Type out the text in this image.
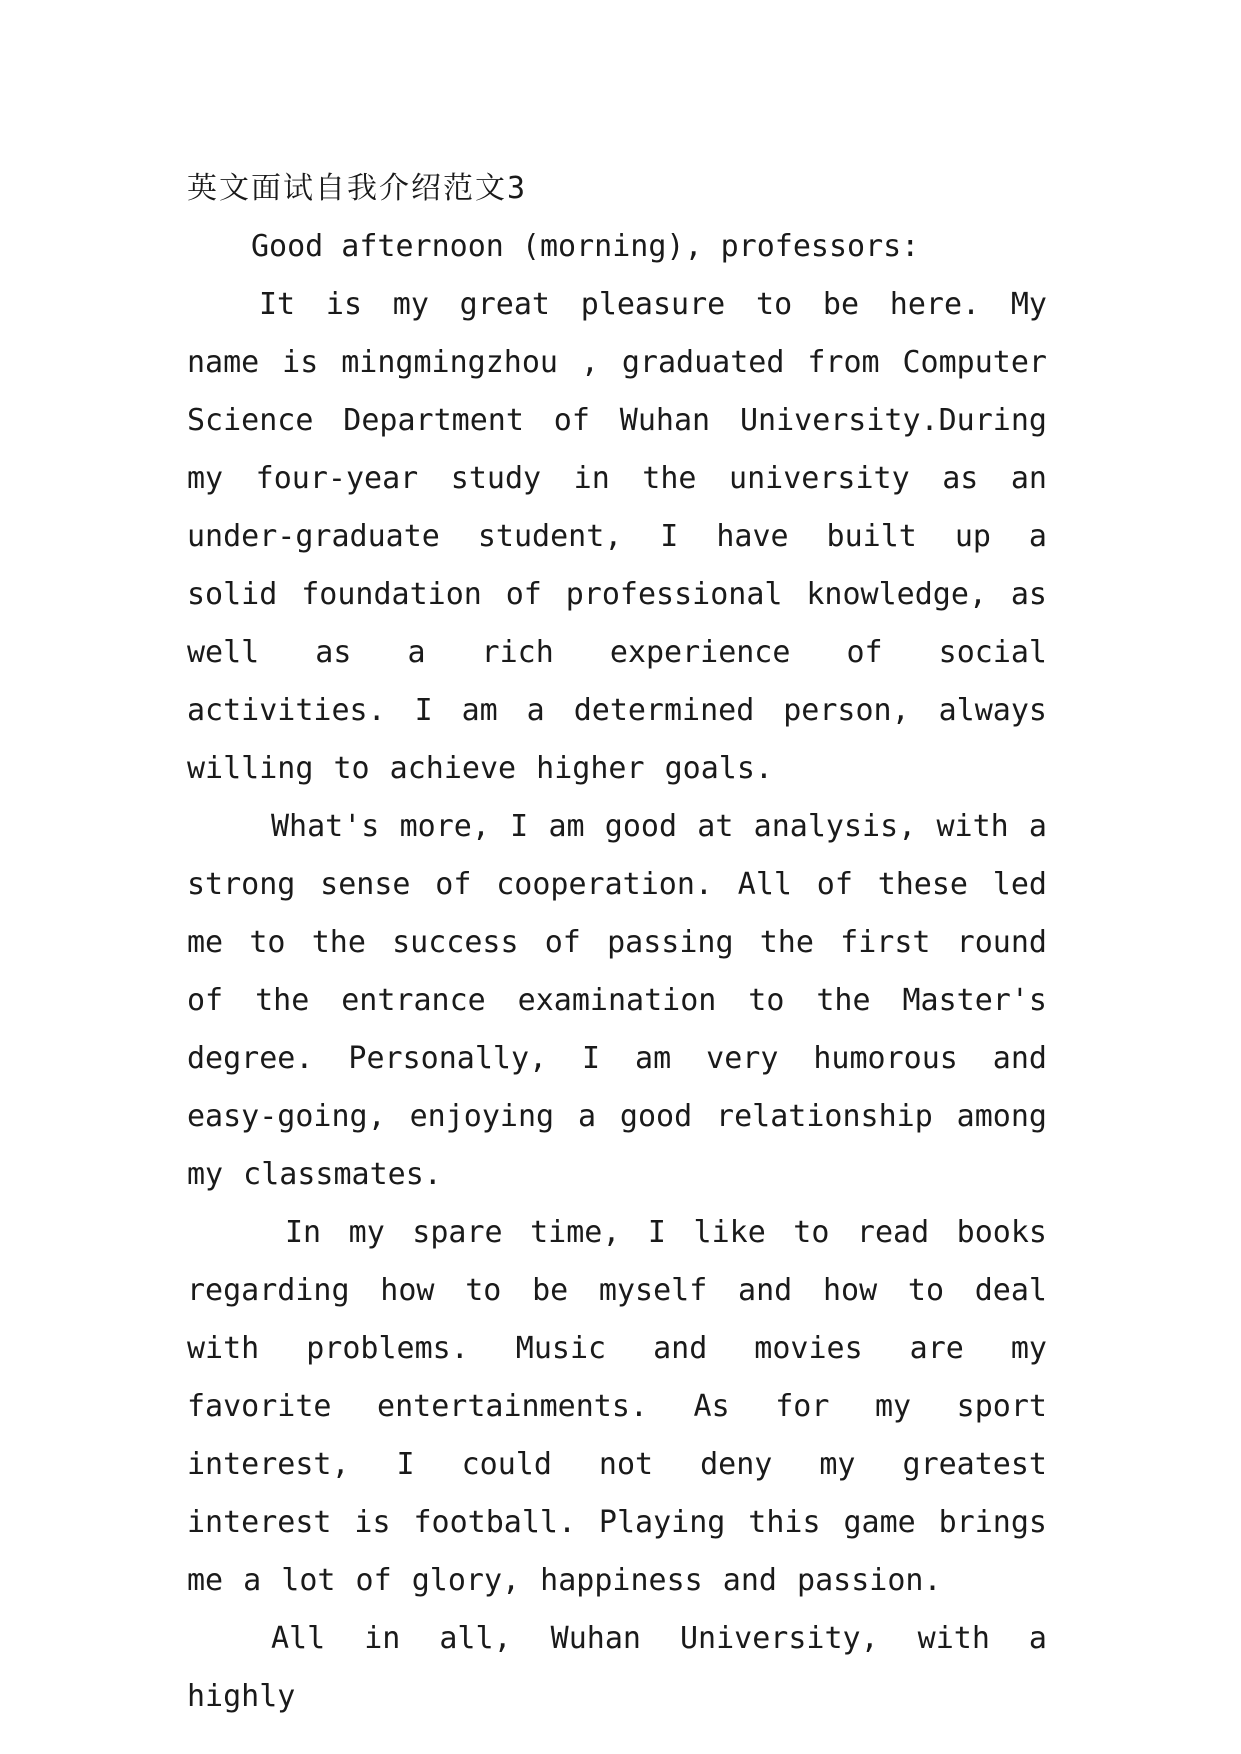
英文面试自我介绍范文3

Good afternoon (morning), professors:

It is my great pleasure to be here. My name is mingmingzhou , graduated from Computer Science Department of Wuhan University.During my four-year study in the university as an under-graduate student, I have built up a solid foundation of professional knowledge, as well as a rich experience of social activities. I am a determined person, always willing to achieve higher goals.

What's more, I am good at analysis, with a strong sense of cooperation. All of these led me to the success of passing the first round of the entrance examination to the Master's degree. Personally, I am very humorous and easy-going, enjoying a good relationship among my classmates.

In my spare time, I like to read books regarding how to be myself and how to deal with problems. Music and movies are my favorite entertainments. As for my sport interest, I could not deny my greatest interest is football. Playing this game brings me a lot of glory, happiness and passion.

All in all, Wuhan University, with a highly
